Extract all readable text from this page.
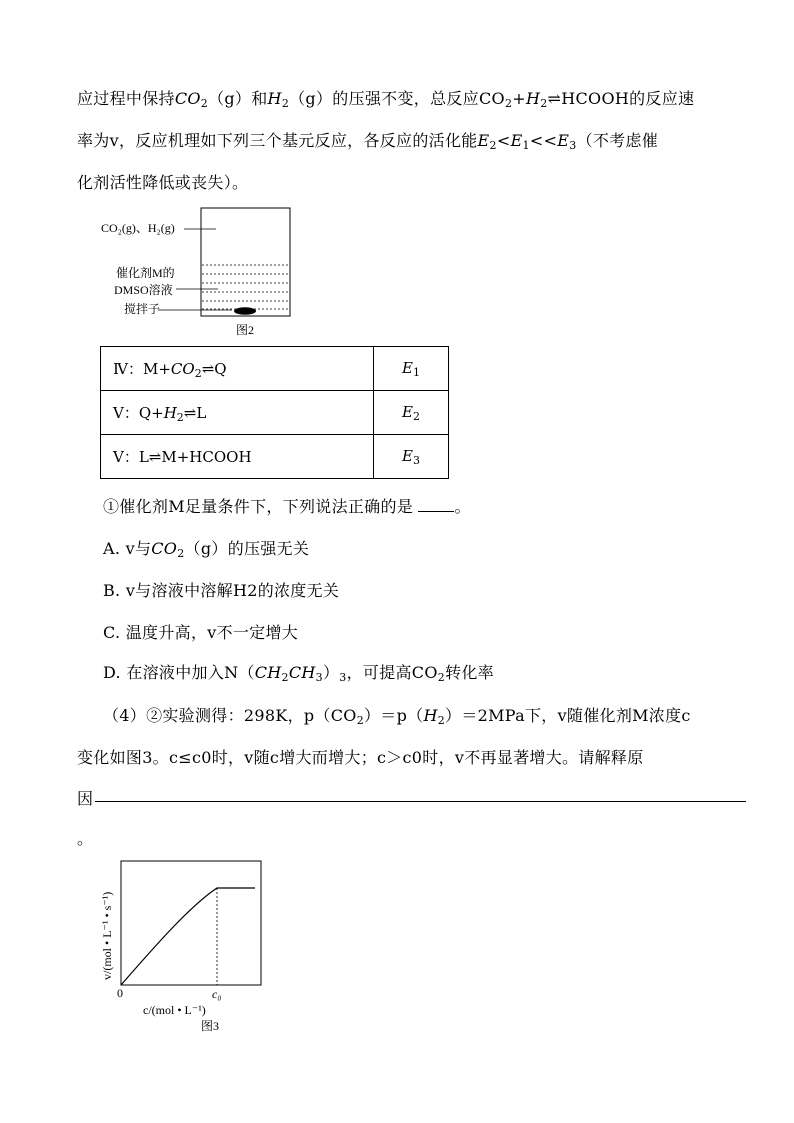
应过程中保持$CO_2(g)$和$H_2(g)$的压强不变，总反应$CO_2+H_2\rightleftharpoons HCOOH$的反应速
率为v，反应机理如下列三个基元反应，各反应的活化能$E_2<E_1<<E_3$（不考虑催
化剂活性降低或丧失）。
CO₂(g)、H₂(g)
催化剂M的
DMSO溶液
搅拌子
图2
Ⅳ：$M+CO_2\rightleftharpoons Q$	$E_1$
Ⅴ：$Q+H_2\rightleftharpoons L$	$E_2$
Ⅴ：L⇌M+HCOOH	$E_3$
①催化剂M足量条件下，下列说法正确的是	。
A. v与$CO_2(g)$的压强无关
B. v与溶液中溶解H2的浓度无关
C. 温度升高，v不一定增大
D. 在溶液中加入$N(CH_2CH_3)_3$，可提高$CO_2$转化率
（4）②实验测得：298K，$p(CO_2)=p(H_2)=2MPa$下，v随催化剂M浓度c
变化如图3。c≤c0时，v随c增大而增大；c＞c0时，v不再显著增大。请解释原
因
。
0	c₀
c/(mol • L⁻¹)
图3
v/(mol • L⁻¹ • s⁻¹)
